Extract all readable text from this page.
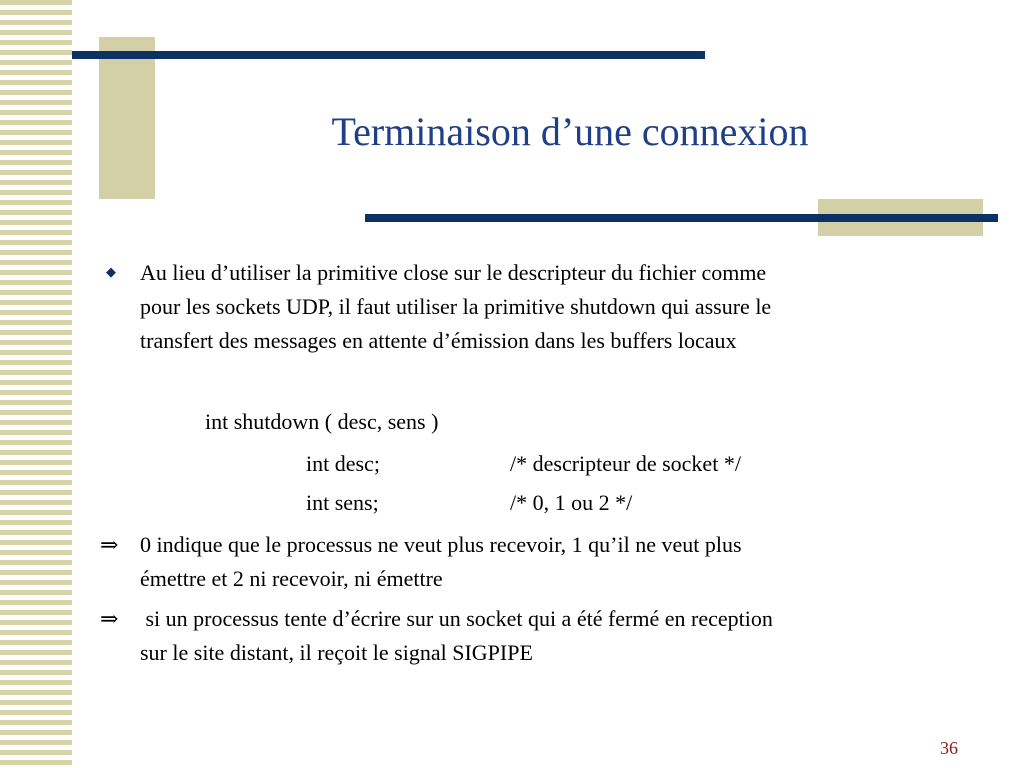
Terminaison d’une connexion
◆ Au lieu d’utiliser la primitive close sur le descripteur du fichier comme
pour les sockets UDP, il faut utiliser la primitive shutdown qui assure le
transfert des messages en attente d’émission dans les buffers locaux
int shutdown ( desc, sens )
int desc;	/* descripteur de socket */
int sens;	/* 0, 1 ou 2 */
⇒ 0 indique que le processus ne veut plus recevoir, 1 qu’il ne veut plus
émettre et 2 ni recevoir, ni émettre
⇒ si un processus tente d’écrire sur un socket qui a été fermé en reception
sur le site distant, il reçoit le signal SIGPIPE
36
